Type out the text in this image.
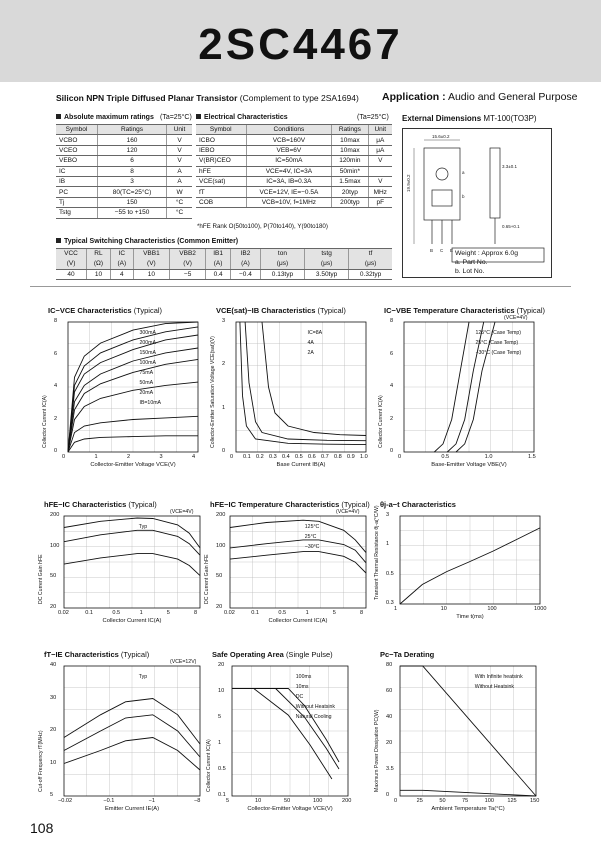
2SC4467
Silicon NPN Triple Diffused Planar Transistor (Complement to type 2SA1694) Application : Audio and General Purpose
Absolute maximum ratings (Ta=25°C)
Symbol	Ratings	Unit
VCBO	160	V
VCEO	120	V
VEBO	6	V
IC	8	A
IB	3	A
PC	80(TC=25°C)	W
Tj	150	°C
Tstg	−55 to +150	°C
Electrical Characteristics	(Ta=25°C)
Symbol	Conditions	Ratings	Unit
ICBO	VCB=160V	10max	μA
IEBO	VEB=6V	10max	μA
V(BR)CEO	IC=50mA	120min	V
hFE	VCE=4V, IC=3A	50min*	
VCE(sat)	IC=3A, IB=0.3A	1.5max	V
fT	VCE=12V, IE=−0.5A	20typ	MHz
COB	VCB=10V, f=1MHz	200typ	pF
*hFE Rank O(50to100), P(70to140), Y(90to180)
Typical Switching Characteristics (Common Emitter)
VCC	RL	IC	VBB1	VBB2	IB1	IB2	ton	tstg	tf
(V)	(Ω)	(A)	(V)	(V)	(A)	(A)	(μs)	(μs)	(μs)
40	10	4	10	−5	0.4	−0.4	0.13typ	3.50typ	0.32typ
External Dimensions MT-100(TO3P)
15.6±0.2
19.9±0.2
B C E
a
b
3.3±0.1
0.65+0.1
Weight : Approx 6.0g
a. Part No.
b. Lot No.
IC−VCE Characteristics (Typical)
Collector Current IC(A)
Collector-Emitter Voltage VCE(V)
0	1	2	3	4
0
2
4
6
8
300mA
200mA
150mA
100mA
75mA
50mA
20mA
IB=10mA
VCE(sat)−IB Characteristics (Typical)
Collector-Emitter Saturation Voltage VCE(sat)(V)
Base Current IB(A)
0 0.1 0.2 0.3 0.4 0.5 0.6 0.7 0.8 0.9 1.0
0
1
2
3
IC=8A
4A
2A
IC−VBE Temperature Characteristics (Typical)
(VCE=4V)
Collector Current IC(A)
Base-Emitter Voltage VBE(V)
0	0.5	1.0	1.5
0
2
4
6
8
125°C (Case Temp)
25°C (Case Temp)
−30°C (Case Temp)
hFE−IC Characteristics (Typical)
(VCE=4V)
DC Current Gain hFE
Collector Current IC(A)
0.02	0.1	0.5	1	5	8
20
50
100
200
Typ
hFE−IC Temperature Characteristics (Typical)
(VCE=4V)
DC Current Gain hFE
Collector Current IC(A)
0.02	0.1	0.5	1	5	8
20
50
100
200
125°C
25°C
−30°C
θj-a−t Characteristics
Transient Thermal Resistance θj-a(°C/W)
Time t(ms)
1	10	100	1000
0.3
0.5
1
3
fT−IE Characteristics (Typical)
(VCE=12V)
Cut-off Frequency fT(MHz)
Emitter Current IE(A)
−0.02	−0.1	−1	−8
5
10
20
30
40
Typ
Safe Operating Area (Single Pulse)
Collector Current IC(A)
Collector-Emitter Voltage VCE(V)
5	10	50	100	200
0.1
0.5
1
5
10
20
100ms
10ms
DC
Without Heatsink
Natural Cooling
Pc−Ta Derating
Maximum Power Dissipation PC(W)
Ambient Temperature Ta(°C)
0	25	50	75	100 125 150
0
3.5
20
40
60
80
With Infinite heatsink
Without Heatsink
108
